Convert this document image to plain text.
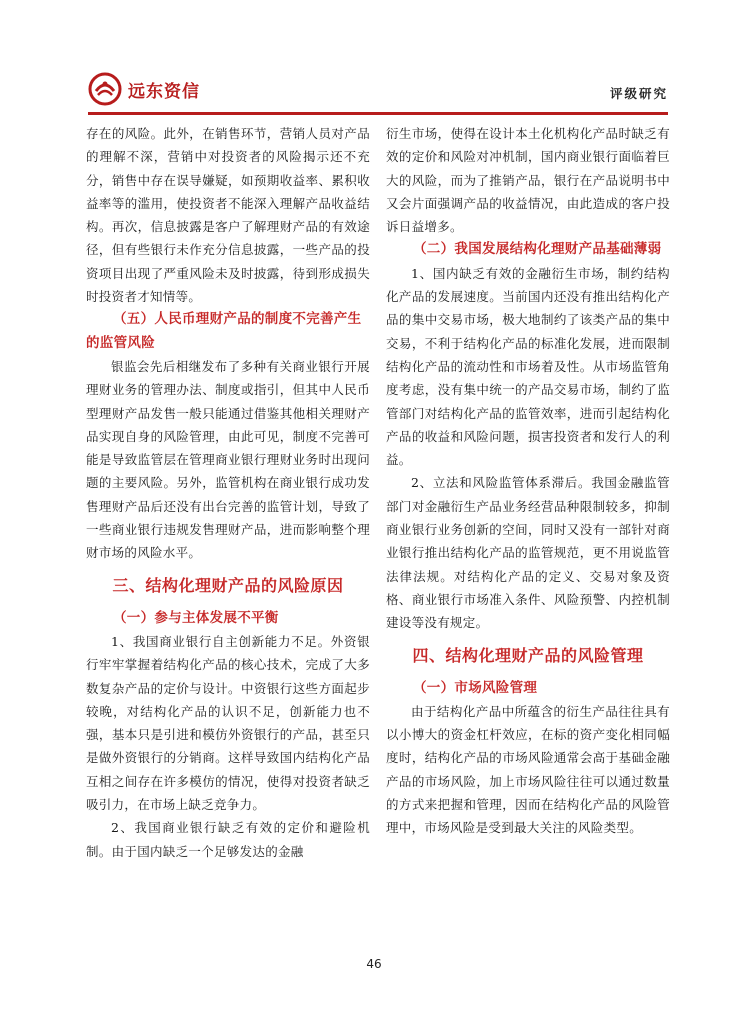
远东资信	评级研究

存在的风险。此外，在销售环节，营销人员对产品的理解不深，营销中对投资者的风险揭示还不充分，销售中存在误导嫌疑，如预期收益率、累积收益率等的滥用，使投资者不能深入理解产品收益结构。再次，信息披露是客户了解理财产品的有效途径，但有些银行未作充分信息披露，一些产品的投资项目出现了严重风险未及时披露，待到形成损失时投资者才知情等。

（五）人民币理财产品的制度不完善产生的监管风险

银监会先后相继发布了多种有关商业银行开展理财业务的管理办法、制度或指引，但其中人民币型理财产品发售一般只能通过借鉴其他相关理财产品实现自身的风险管理，由此可见，制度不完善可能是导致监管层在管理商业银行理财业务时出现问题的主要风险。另外，监管机构在商业银行成功发售理财产品后还没有出台完善的监管计划，导致了一些商业银行违规发售理财产品，进而影响整个理财市场的风险水平。

三、结构化理财产品的风险原因

（一）参与主体发展不平衡

1、我国商业银行自主创新能力不足。外资银行牢牢掌握着结构化产品的核心技术，完成了大多数复杂产品的定价与设计。中资银行这些方面起步较晚，对结构化产品的认识不足，创新能力也不强，基本只是引进和模仿外资银行的产品，甚至只是做外资银行的分销商。这样导致国内结构化产品互相之间存在许多模仿的情况，使得对投资者缺乏吸引力，在市场上缺乏竞争力。

2、我国商业银行缺乏有效的定价和避险机制。由于国内缺乏一个足够发达的金融

衍生市场，使得在设计本土化机构化产品时缺乏有效的定价和风险对冲机制，国内商业银行面临着巨大的风险，而为了推销产品，银行在产品说明书中又会片面强调产品的收益情况，由此造成的客户投诉日益增多。

（二）我国发展结构化理财产品基础薄弱

1、国内缺乏有效的金融衍生市场，制约结构化产品的发展速度。当前国内还没有推出结构化产品的集中交易市场，极大地制约了该类产品的集中交易，不利于结构化产品的标准化发展，进而限制结构化产品的流动性和市场着及性。从市场监管角度考虑，没有集中统一的产品交易市场，制约了监管部门对结构化产品的监管效率，进而引起结构化产品的收益和风险问题，损害投资者和发行人的利益。

2、立法和风险监管体系滞后。我国金融监管部门对金融衍生产品业务经营品种限制较多，抑制商业银行业务创新的空间，同时又没有一部针对商业银行推出结构化产品的监管规范，更不用说监管法律法规。对结构化产品的定义、交易对象及资格、商业银行市场准入条件、风险预警、内控机制建设等没有规定。

四、结构化理财产品的风险管理

（一）市场风险管理

由于结构化产品中所蕴含的衍生产品往往具有以小博大的资金杠杆效应，在标的资产变化相同幅度时，结构化产品的市场风险通常会高于基础金融产品的市场风险，加上市场风险往往可以通过数量的方式来把握和管理，因而在结构化产品的风险管理中，市场风险是受到最大关注的风险类型。

46
